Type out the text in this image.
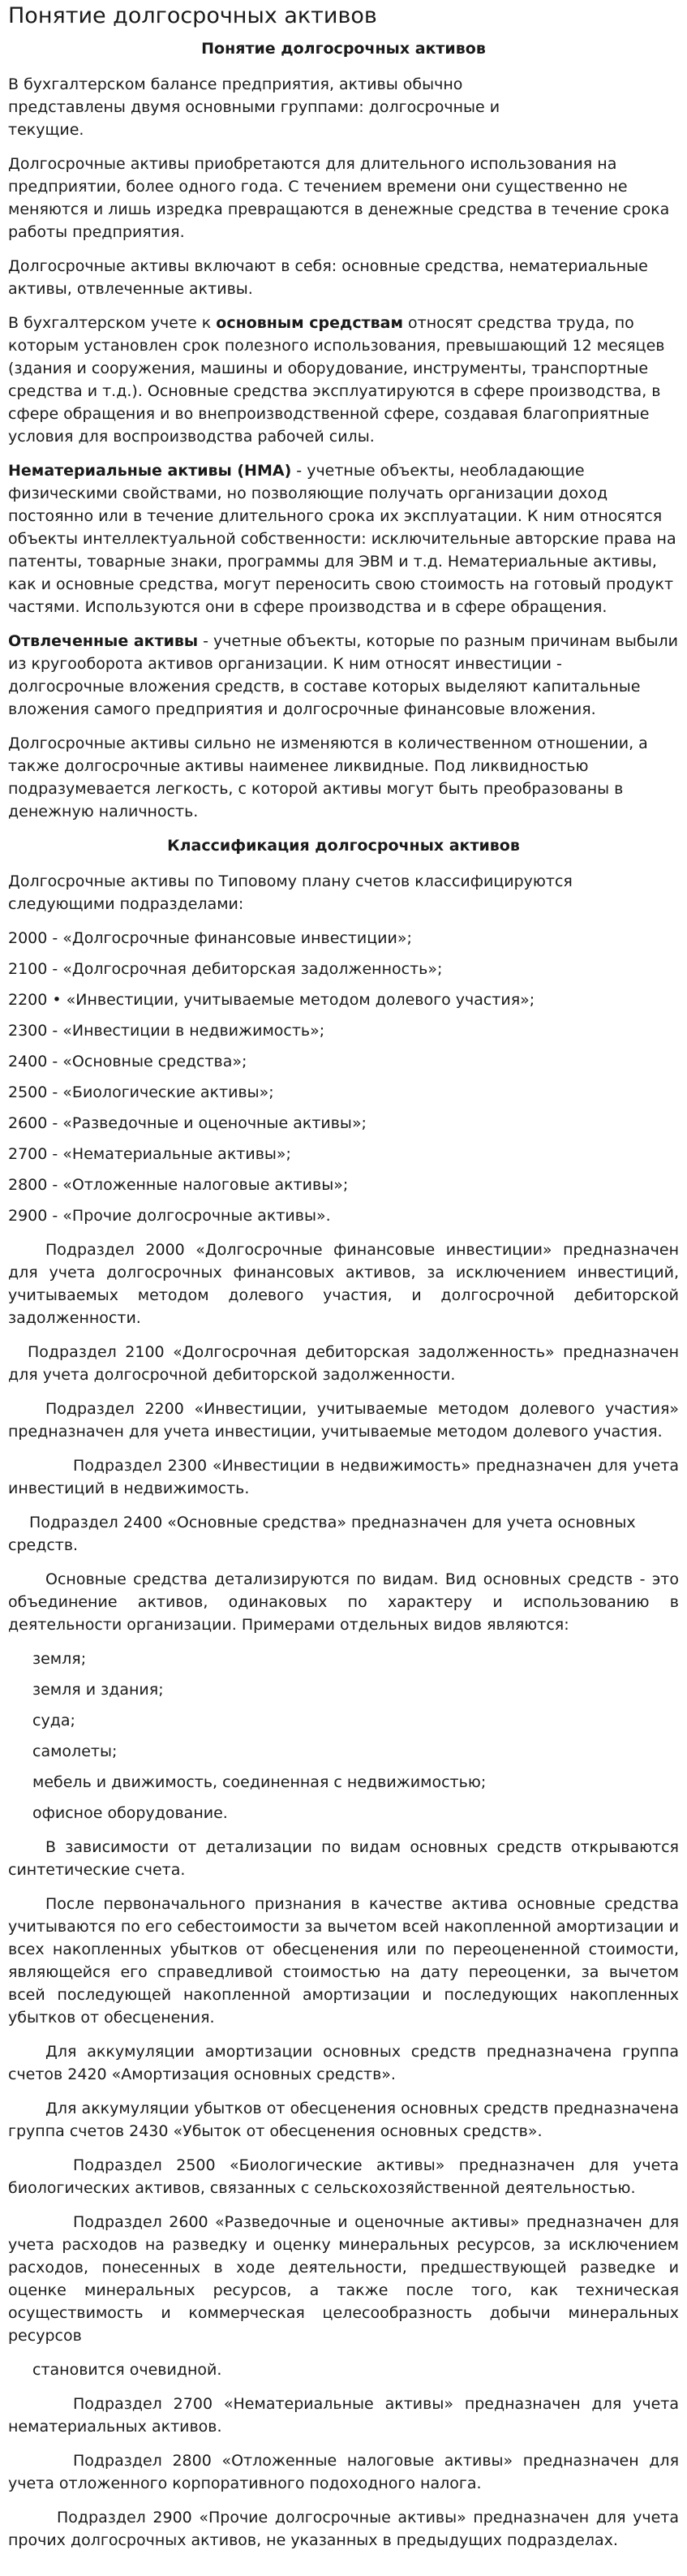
Понятие долгосрочных активов
Понятие долгосрочных активов

В бухгалтерском балансе предприятия, активы обычно представлены двумя основными группами: долгосрочные и текущие.

Долгосрочные активы приобретаются для длительного использования на предприятии, более одного года. С течением времени они существенно не меняются и лишь изредка превращаются в денежные средства в течение срока работы предприятия.

Долгосрочные активы включают в себя: основные средства, нематериальные активы, отвлеченные активы.

В бухгалтерском учете к основным средствам относят средства труда, по которым установлен срок полезного использования, превышающий 12 месяцев (здания и сооружения, машины и оборудование, инструменты, транспортные средства и т.д.). Основные средства эксплуатируются в сфере производства, в сфере обращения и во внепроизводственной сфере, создавая благоприятные условия для воспроизводства рабочей силы.

Нематериальные активы (НМА) - учетные объекты, необладающие физическими свойствами, но позволяющие получать организации доход постоянно или в течение длительного срока их эксплуатации. К ним относятся объекты интеллектуальной собственности: исключительные авторские права на патенты, товарные знаки, программы для ЭВМ и т.д. Нематериальные активы, как и основные средства, могут переносить свою стоимость на готовый продукт частями. Используются они в сфере производства и в сфере обращения.

Отвлеченные активы - учетные объекты, которые по разным причинам выбыли из кругооборота активов организации. К ним относят инвестиции - долгосрочные вложения средств, в составе которых выделяют капитальные вложения самого предприятия и долгосрочные финансовые вложения.

Долгосрочные активы сильно не изменяются в количественном отношении, а также долгосрочные активы наименее ликвидные. Под ликвидностью подразумевается легкость, с которой активы могут быть преобразованы в денежную наличность.

Классификация долгосрочных активов

Долгосрочные активы по Типовому плану счетов классифицируются следующими подразделами:

2000 - «Долгосрочные финансовые инвестиции»;
2100 - «Долгосрочная дебиторская задолженность»;
2200 • «Инвестиции, учитываемые методом долевого участия»;
2300 - «Инвестиции в недвижимость»;
2400 - «Основные средства»;
2500 - «Биологические активы»;
2600 - «Разведочные и оценочные активы»;
2700 - «Нематериальные активы»;
2800 - «Отложенные налоговые активы»;
2900 - «Прочие долгосрочные активы».

Подраздел 2000 «Долгосрочные финансовые инвестиции» предназначен для учета долгосрочных финансовых активов, за исключением инвестиций, учитываемых методом долевого участия, и долгосрочной дебиторской задолженности.

Подраздел 2100 «Долгосрочная дебиторская задолженность» предназначен для учета долгосрочной дебиторской задолженности.

Подраздел 2200 «Инвестиции, учитываемые методом долевого участия» предназначен для учета инвестиции, учитываемые методом долевого участия.

Подраздел 2300 «Инвестиции в недвижимость» предназначен для учета инвестиций в недвижимость.

Подраздел 2400 «Основные средства» предназначен для учета основных средств.

Основные средства детализируются по видам. Вид основных средств - это объединение активов, одинаковых по характеру и использованию в деятельности организации. Примерами отдельных видов являются:

земля;
земля и здания;
суда;
самолеты;
мебель и движимость, соединенная с недвижимостью;
офисное оборудование.

В зависимости от детализации по видам основных средств открываются синтетические счета.

После первоначального признания в качестве актива основные средства учитываются по его себестоимости за вычетом всей накопленной амортизации и всех накопленных убытков от обесценения или по переоцененной стоимости, являющейся его справедливой стоимостью на дату переоценки, за вычетом всей последующей накопленной амортизации и последующих накопленных убытков от обесценения.

Для аккумуляции амортизации основных средств предназначена группа счетов 2420 «Амортизация основных средств».

Для аккумуляции убытков от обесценения основных средств предназначена группа счетов 2430 «Убыток от обесценения основных средств».

Подраздел 2500 «Биологические активы» предназначен для учета биологических активов, связанных с сельскохозяйственной деятельностью.

Подраздел 2600 «Разведочные и оценочные активы» предназначен для учета расходов на разведку и оценку минеральных ресурсов, за исключением расходов, понесенных в ходе деятельности, предшествующей разведке и оценке минеральных ресурсов, а также после того, как техническая осуществимость и коммерческая целесообразность добычи минеральных ресурсов

становится очевидной.

Подраздел 2700 «Нематериальные активы» предназначен для учета нематериальных активов.

Подраздел 2800 «Отложенные налоговые активы» предназначен для учета отложенного корпоративного подоходного налога.

Подраздел 2900 «Прочие долгосрочные активы» предназначен для учета прочих долгосрочных активов, не указанных в предыдущих подразделах.
